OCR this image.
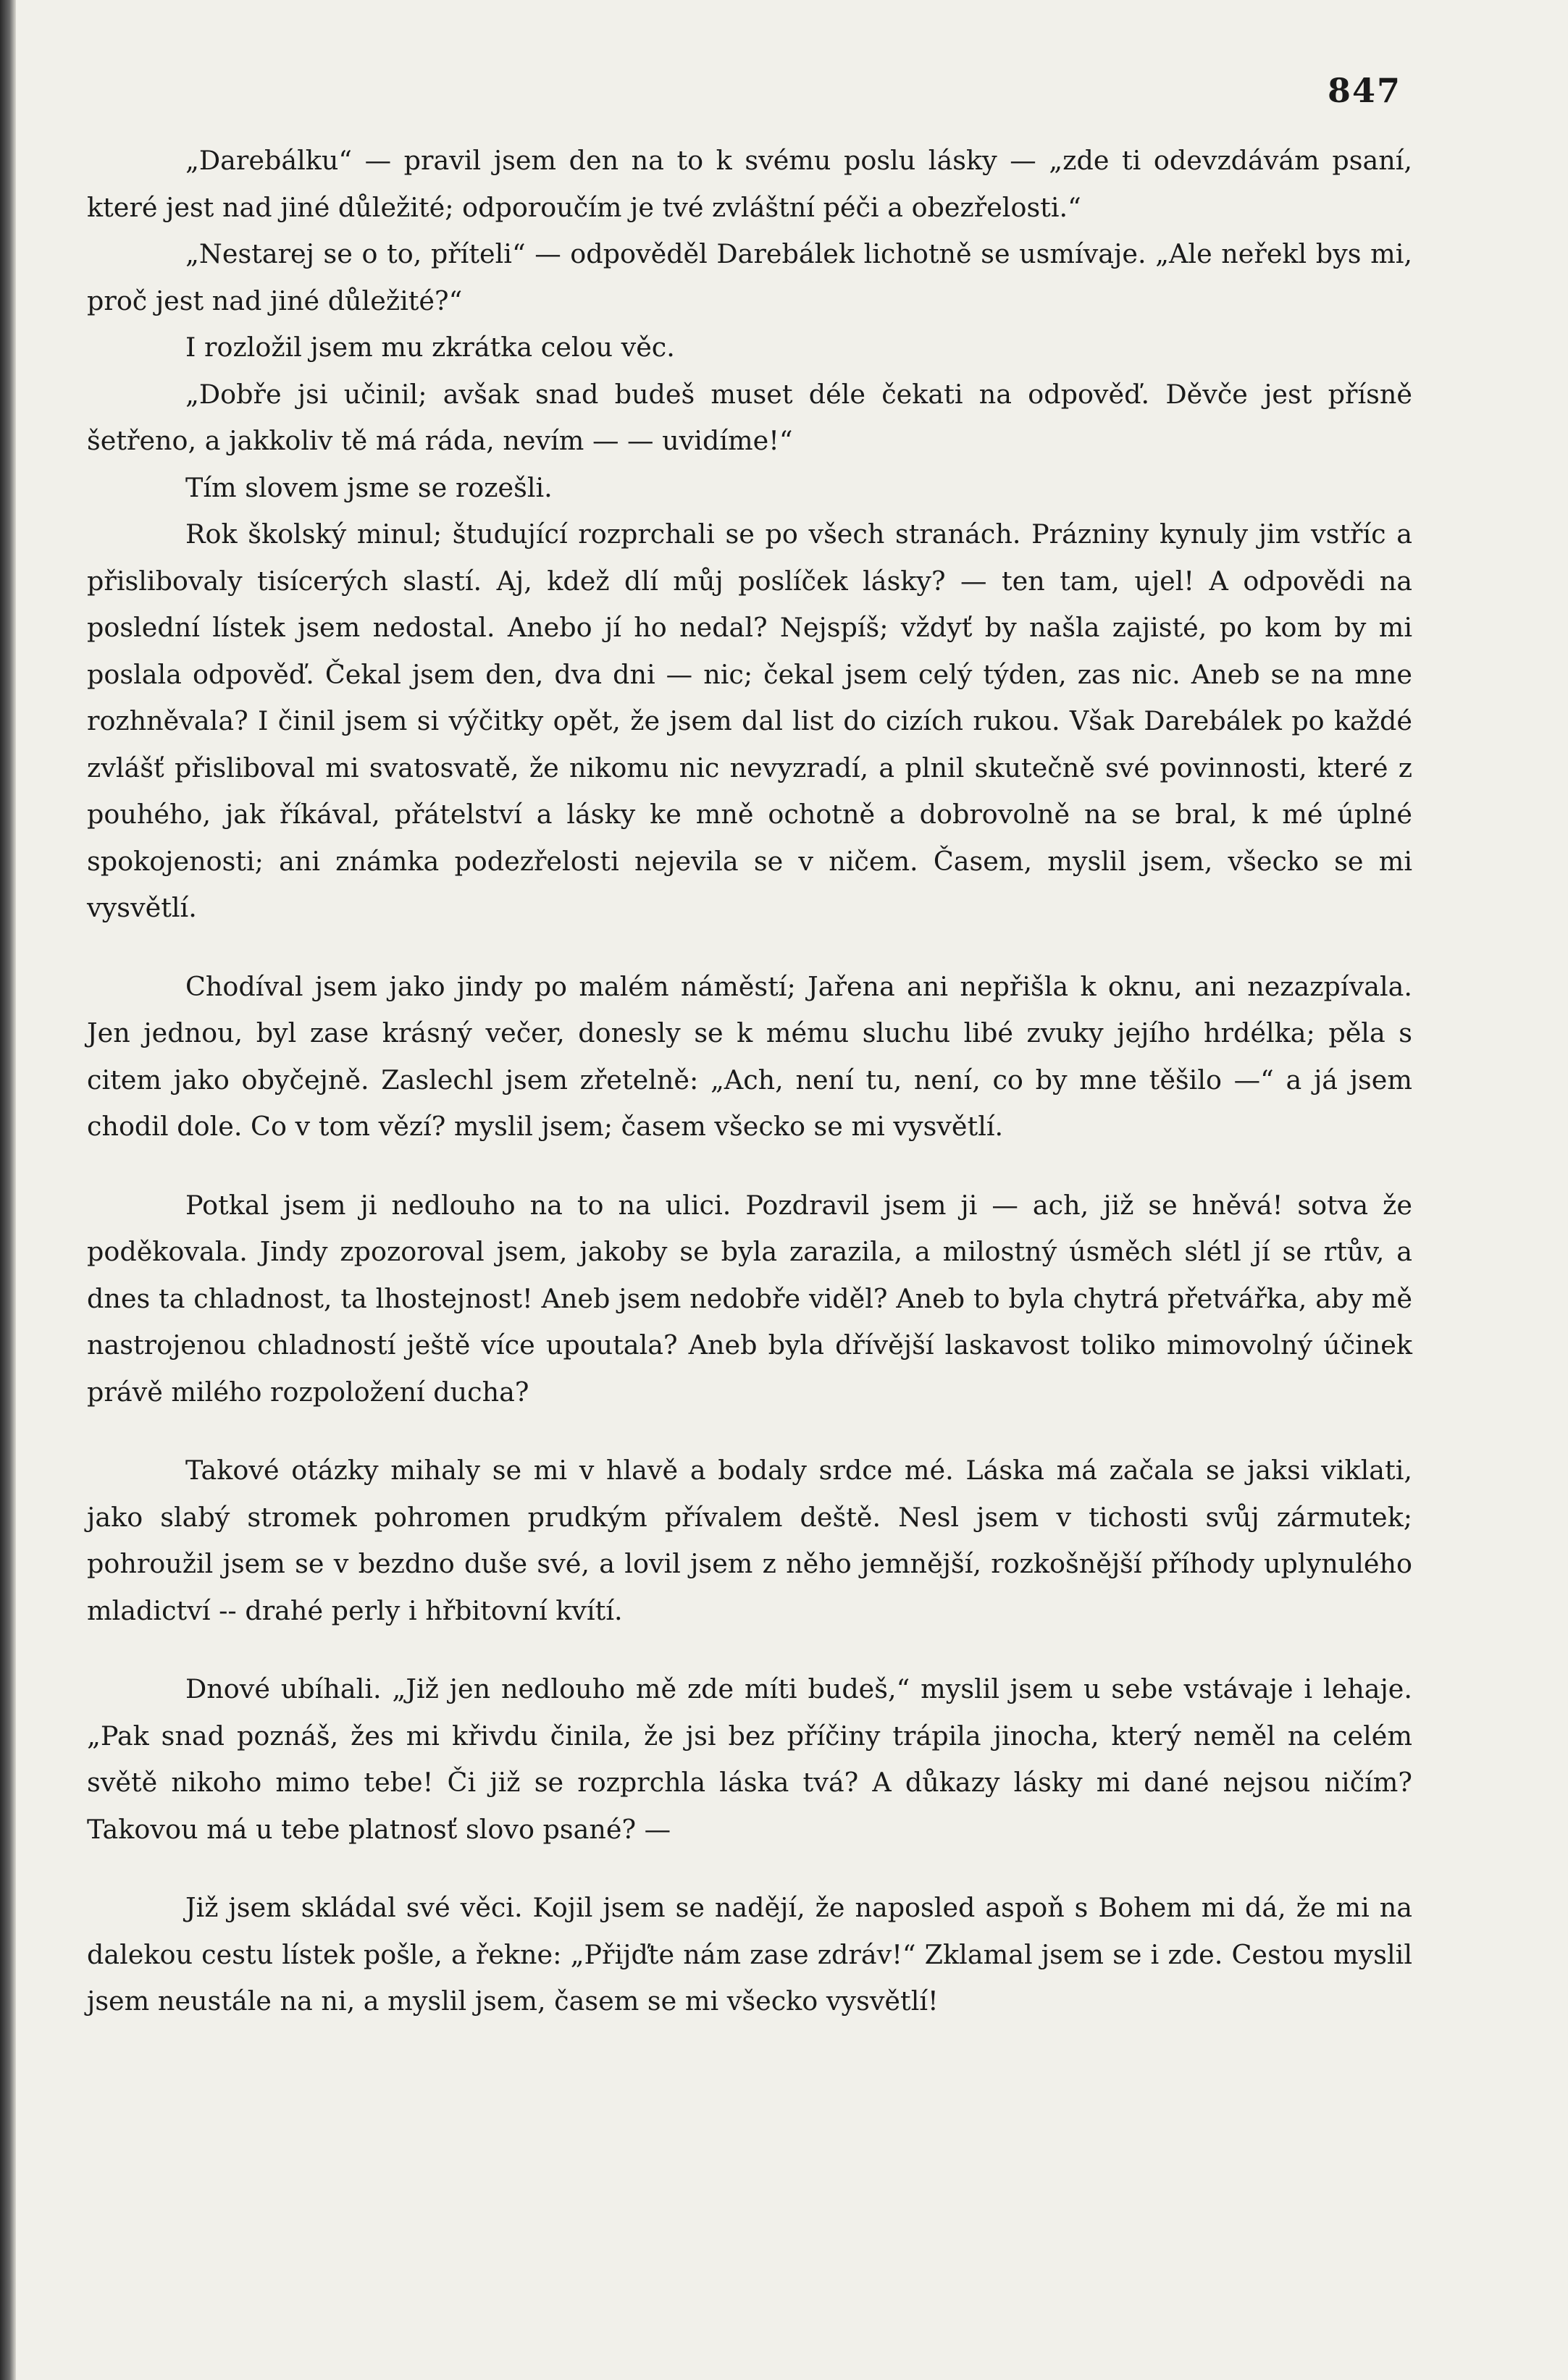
847

„Darebálku“ — pravil jsem den na to k svému poslu lásky — „zde ti odevzdávám psaní, které jest nad jiné důležité; odporoučím je tvé zvláštní péči a obezřelosti.“

„Nestarej se o to, příteli“ — odpověděl Darebálek lichotně se usmívaje. „Ale neřekl bys mi, proč jest nad jiné důležité?“

I rozložil jsem mu zkrátka celou věc.

„Dobře jsi učinil; avšak snad budeš muset déle čekati na odpověď. Děvče jest přísně šetřeno, a jakkoliv tě má ráda, nevím — — uvidíme!“

Tím slovem jsme se rozešli.

Rok školský minul; študující rozprchali se po všech stranách. Prázniny kynuly jim vstříc a přislibovaly tisícerých slastí. Aj, kdež dlí můj poslíček lásky? — ten tam, ujel! A odpovědi na poslední lístek jsem nedostal. Anebo jí ho nedal? Nejspíš; vždyť by našla zajisté, po kom by mi poslala odpověď. Čekal jsem den, dva dni — nic; čekal jsem celý týden, zas nic. Aneb se na mne rozhněvala? I činil jsem si výčitky opět, že jsem dal list do cizích rukou. Však Darebálek po každé zvlášť přisliboval mi svatosvatě, že nikomu nic nevyzradí, a plnil skutečně své povinnosti, které z pouhého, jak říkával, přátelství a lásky ke mně ochotně a dobrovolně na se bral, k mé úplné spokojenosti; ani známka podezřelosti nejevila se v ničem. Časem, myslil jsem, všecko se mi vysvětlí.

Chodíval jsem jako jindy po malém náměstí; Jařena ani nepřišla k oknu, ani nezazpívala. Jen jednou, byl zase krásný večer, donesly se k mému sluchu libé zvuky jejího hrdélka; pěla s citem jako obyčejně. Zaslechl jsem zřetelně: „Ach, není tu, není, co by mne těšilo —“ a já jsem chodil dole. Co v tom vězí? myslil jsem; časem všecko se mi vysvětlí.

Potkal jsem ji nedlouho na to na ulici. Pozdravil jsem ji — ach, již se hněvá! sotva že poděkovala. Jindy zpozoroval jsem, jakoby se byla zarazila, a milostný úsměch slétl jí se rtův, a dnes ta chladnost, ta lhostejnost! Aneb jsem nedobře viděl? Aneb to byla chytrá přetvářka, aby mě nastrojenou chladností ještě více upoutala? Aneb byla dřívější laskavost toliko mimovolný účinek právě milého rozpoložení ducha?

Takové otázky mihaly se mi v hlavě a bodaly srdce mé. Láska má začala se jaksi viklati, jako slabý stromek pohromen prudkým přívalem deště. Nesl jsem v tichosti svůj zármutek; pohroužil jsem se v bezdno duše své, a lovil jsem z něho jemnější, rozkošnější příhody uplynulého mladictví -- drahé perly i hřbitovní kvítí.

Dnové ubíhali. „Již jen nedlouho mě zde míti budeš,“ myslil jsem u sebe vstávaje i lehaje. „Pak snad poznáš, žes mi křivdu činila, že jsi bez příčiny trápila jinocha, který neměl na celém světě nikoho mimo tebe! Či již se rozprchla láska tvá? A důkazy lásky mi dané nejsou ničím? Takovou má u tebe platnosť slovo psané? —

Již jsem skládal své věci. Kojil jsem se nadějí, že naposled aspoň s Bohem mi dá, že mi na dalekou cestu lístek pošle, a řekne: „Přijďte nám zase zdráv!“ Zklamal jsem se i zde. Cestou myslil jsem neustále na ni, a myslil jsem, časem se mi všecko vysvětlí!
